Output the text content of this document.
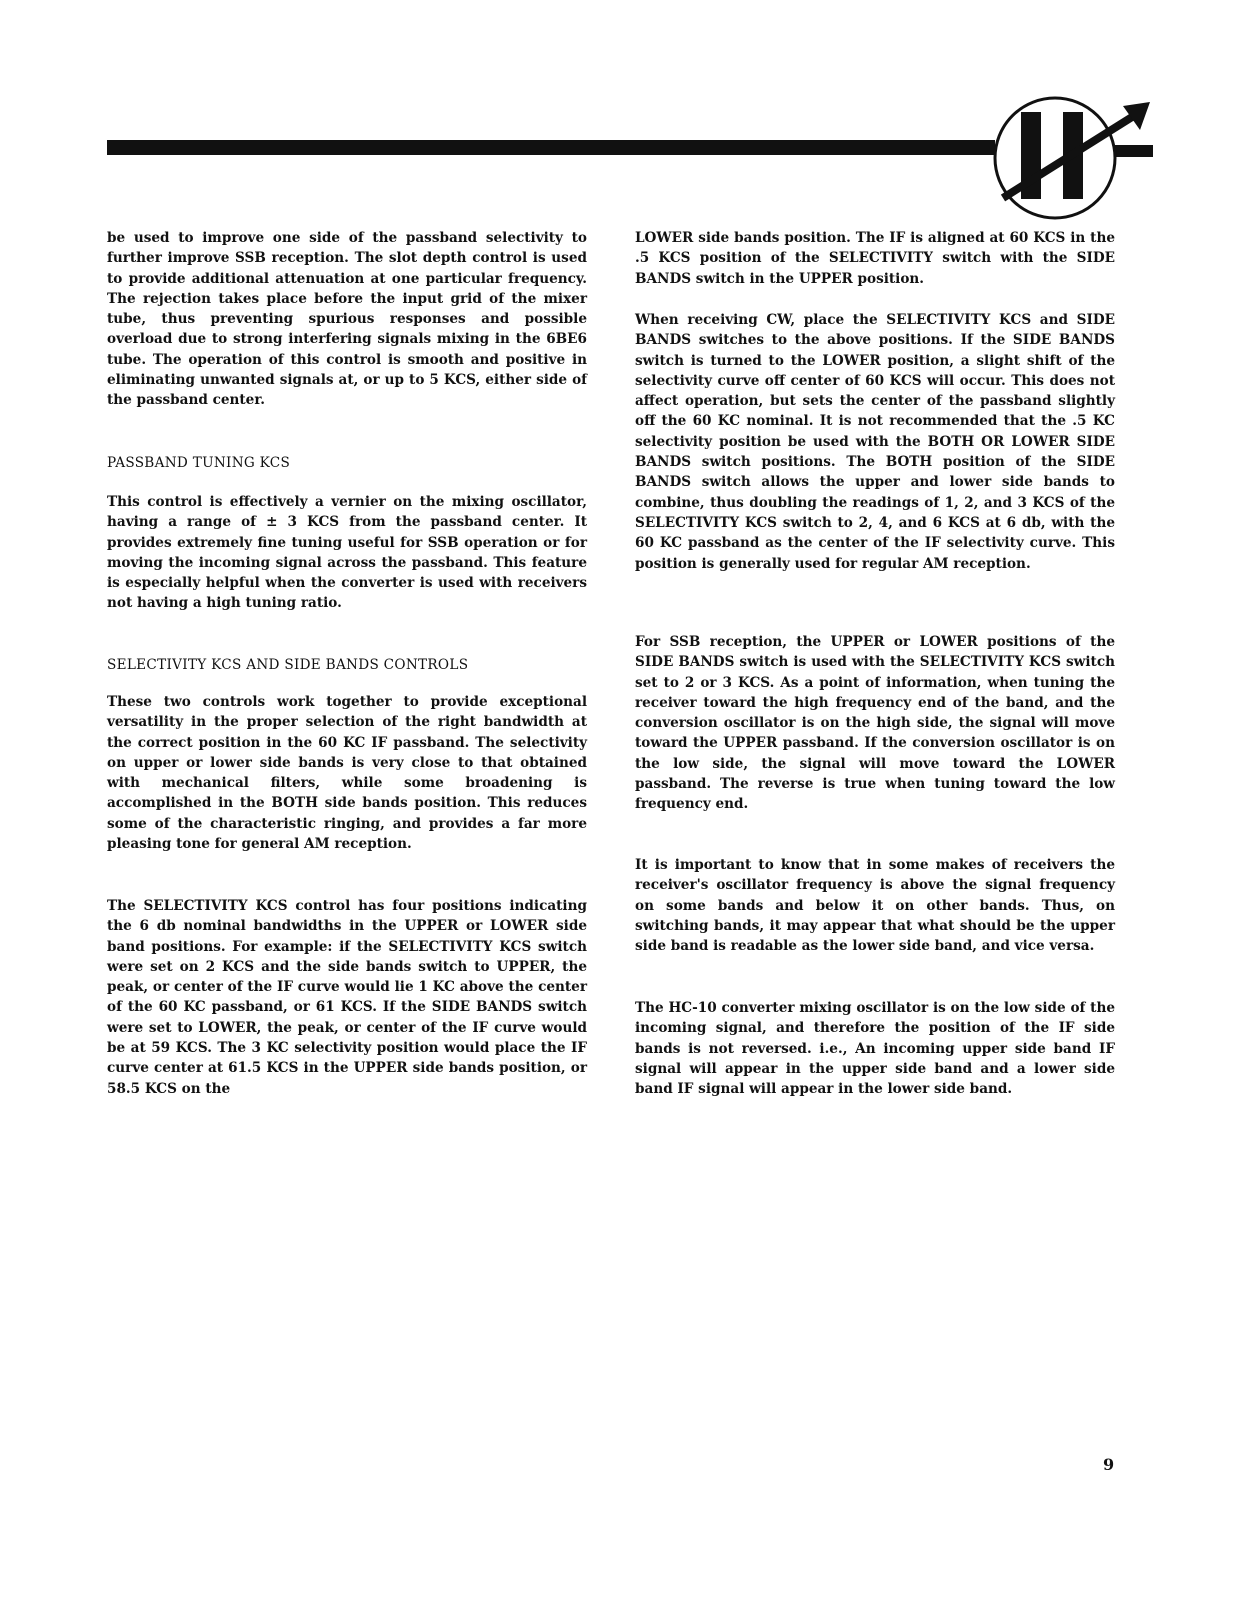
be used to improve one side of the passband selectivity to further improve SSB reception. The slot depth control is used to provide additional attenuation at one particular frequency. The rejection takes place before the input grid of the mixer tube, thus preventing spurious responses and possible overload due to strong interfering signals mixing in the 6BE6 tube. The operation of this control is smooth and positive in eliminating unwanted signals at, or up to 5 KCS, either side of the passband center.

PASSBAND TUNING KCS

This control is effectively a vernier on the mixing oscillator, having a range of ± 3 KCS from the passband center. It provides extremely fine tuning useful for SSB operation or for moving the incoming signal across the passband. This feature is especially helpful when the converter is used with receivers not having a high tuning ratio.

SELECTIVITY KCS AND SIDE BANDS CONTROLS

These two controls work together to provide exceptional versatility in the proper selection of the right bandwidth at the correct position in the 60 KC IF passband. The selectivity on upper or lower side bands is very close to that obtained with mechanical filters, while some broadening is accomplished in the BOTH side bands position. This reduces some of the characteristic ringing, and provides a far more pleasing tone for general AM reception.

The SELECTIVITY KCS control has four positions indicating the 6 db nominal bandwidths in the UPPER or LOWER side band positions. For example: if the SELECTIVITY KCS switch were set on 2 KCS and the side bands switch to UPPER, the peak, or center of the IF curve would lie 1 KC above the center of the 60 KC passband, or 61 KCS. If the SIDE BANDS switch were set to LOWER, the peak, or center of the IF curve would be at 59 KCS. The 3 KC selectivity position would place the IF curve center at 61.5 KCS in the UPPER side bands position, or 58.5 KCS on the

LOWER side bands position. The IF is aligned at 60 KCS in the .5 KCS position of the SELECTIVITY switch with the SIDE BANDS switch in the UPPER position.

When receiving CW, place the SELECTIVITY KCS and SIDE BANDS switches to the above positions. If the SIDE BANDS switch is turned to the LOWER position, a slight shift of the selectivity curve off center of 60 KCS will occur. This does not affect operation, but sets the center of the passband slightly off the 60 KC nominal. It is not recommended that the .5 KC selectivity position be used with the BOTH OR LOWER SIDE BANDS switch positions. The BOTH position of the SIDE BANDS switch allows the upper and lower side bands to combine, thus doubling the readings of 1, 2, and 3 KCS of the SELECTIVITY KCS switch to 2, 4, and 6 KCS at 6 db, with the 60 KC passband as the center of the IF selectivity curve. This position is generally used for regular AM reception.

For SSB reception, the UPPER or LOWER positions of the SIDE BANDS switch is used with the SELECTIVITY KCS switch set to 2 or 3 KCS. As a point of information, when tuning the receiver toward the high frequency end of the band, and the conversion oscillator is on the high side, the signal will move toward the UPPER passband. If the conversion oscillator is on the low side, the signal will move toward the LOWER passband. The reverse is true when tuning toward the low frequency end.

It is important to know that in some makes of receivers the receiver's oscillator frequency is above the signal frequency on some bands and below it on other bands. Thus, on switching bands, it may appear that what should be the upper side band is readable as the lower side band, and vice versa.

The HC-10 converter mixing oscillator is on the low side of the incoming signal, and therefore the position of the IF side bands is not reversed. i.e., An incoming upper side band IF signal will appear in the upper side band and a lower side band IF signal will appear in the lower side band.

9
